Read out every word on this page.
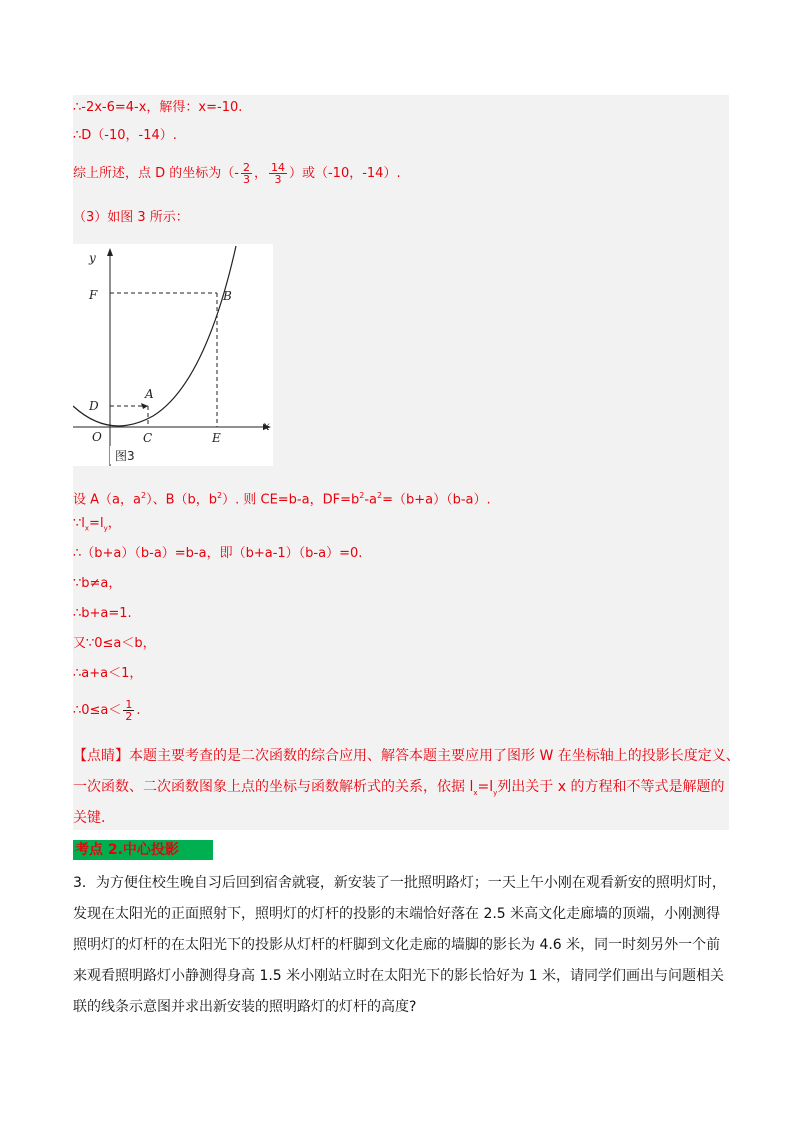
∴-2x-6=4-x，解得：x=-10.
∴D（-10，-14）.
综上所述，点 D 的坐标为（- $\frac{2}{3}$ ， $\frac{14}{3}$ ）或（-10，-14）.
（3）如图 3 所示：
y
x
O
F	B
D
A
C	E
图3
设 A（a，$a^2$）、B（b，$b^2$）. 则 CE=b-a，$DF=b^2-a^2=(b+a)(b-a)$.
$\because l_x=l_y$，
∴（b+a）（b-a）=b-a，即（b+a-1）（b-a）=0.
∵b≠a，
∴b+a=1.
又∵0≤a＜b，
∴a+a＜1，
∴0≤a＜ $\frac{1}{2}$ .
【点睛】本题主要考查的是二次函数的综合应用、解答本题主要应用了图形 W 在坐标轴上的投影长度定义、
一次函数、二次函数图象上点的坐标与函数解析式的关系，依据 $l_x=l_y$列出关于 x 的方程和不等式是解题的
关键.
考点 2.中心投影
3．为方便住校生晚自习后回到宿舍就寝，新安装了一批照明路灯；一天上午小刚在观看新安的照明灯时，
发现在太阳光的正面照射下，照明灯的灯杆的投影的末端恰好落在 2.5 米高文化走廊墙的顶端，小刚测得
照明灯的灯杆的在太阳光下的投影从灯杆的杆脚到文化走廊的墙脚的影长为 4.6 米，同一时刻另外一个前
来观看照明路灯小静测得身高 1.5 米小刚站立时在太阳光下的影长恰好为 1 米，请同学们画出与问题相关
联的线条示意图并求出新安装的照明路灯的灯杆的高度?
